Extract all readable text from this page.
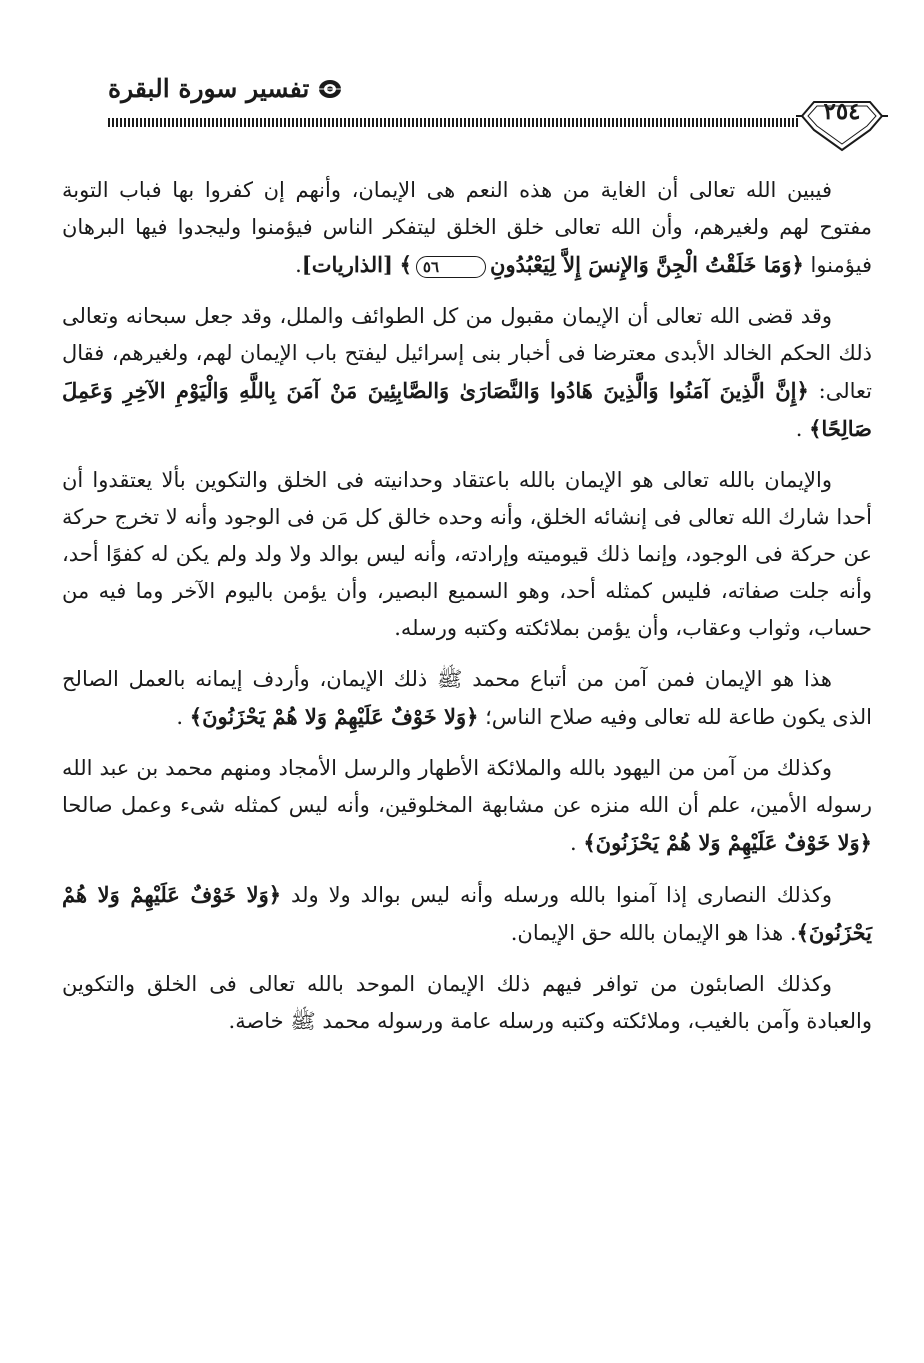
تفسير سورة البقرة
٢٥٤

فيبين الله تعالى أن الغاية من هذه النعم هى الإيمان، وأنهم إن كفروا بها فباب التوبة مفتوح لهم ولغيرهم، وأن الله تعالى خلق الخلق ليتفكر الناس فيؤمنوا وليجدوا فيها البرهان فيؤمنوا ﴿وَمَا خَلَقْتُ الْجِنَّ وَالإِنسَ إِلاَّ لِيَعْبُدُونِ٥٦﴾ [الذاريات].

وقد قضى الله تعالى أن الإيمان مقبول من كل الطوائف والملل، وقد جعل سبحانه وتعالى ذلك الحكم الخالد الأبدى معترضا فى أخبار بنى إسرائيل ليفتح باب الإيمان لهم، ولغيرهم، فقال تعالى: ﴿إِنَّ الَّذِينَ آمَنُوا وَالَّذِينَ هَادُوا وَالنَّصَارَىٰ وَالصَّابِئِينَ مَنْ آمَنَ بِاللَّهِ وَالْيَوْمِ الآخِرِ وَعَمِلَ صَالِحًا﴾ .

والإيمان بالله تعالى هو الإيمان بالله باعتقاد وحدانيته فى الخلق والتكوين بألا يعتقدوا أن أحدا شارك الله تعالى فى إنشائه الخلق، وأنه وحده خالق كل مَن فى الوجود وأنه لا تخرج حركة عن حركة فى الوجود، وإنما ذلك قيوميته وإرادته، وأنه ليس بوالد ولا ولد ولم يكن له كفوًا أحد، وأنه جلت صفاته، فليس كمثله أحد، وهو السميع البصير، وأن يؤمن باليوم الآخر وما فيه من حساب، وثواب وعقاب، وأن يؤمن بملائكته وكتبه ورسله.

هذا هو الإيمان فمن آمن من أتباع محمد ﷺ ذلك الإيمان، وأردف إيمانه بالعمل الصالح الذى يكون طاعة لله تعالى وفيه صلاح الناس؛ ﴿وَلا خَوْفٌ عَلَيْهِمْ وَلا هُمْ يَحْزَنُونَ﴾ .

وكذلك من آمن من اليهود بالله والملائكة الأطهار والرسل الأمجاد ومنهم محمد بن عبد الله رسوله الأمين، علم أن الله منزه عن مشابهة المخلوقين، وأنه ليس كمثله شىء وعمل صالحا ﴿وَلا خَوْفٌ عَلَيْهِمْ وَلا هُمْ يَحْزَنُونَ﴾ .

وكذلك النصارى إذا آمنوا بالله ورسله وأنه ليس بوالد ولا ولد ﴿وَلا خَوْفٌ عَلَيْهِمْ وَلا هُمْ يَحْزَنُونَ﴾. هذا هو الإيمان بالله حق الإيمان.

وكذلك الصابئون من توافر فيهم ذلك الإيمان الموحد بالله تعالى فى الخلق والتكوين والعبادة وآمن بالغيب، وملائكته وكتبه ورسله عامة ورسوله محمد ﷺ خاصة.
